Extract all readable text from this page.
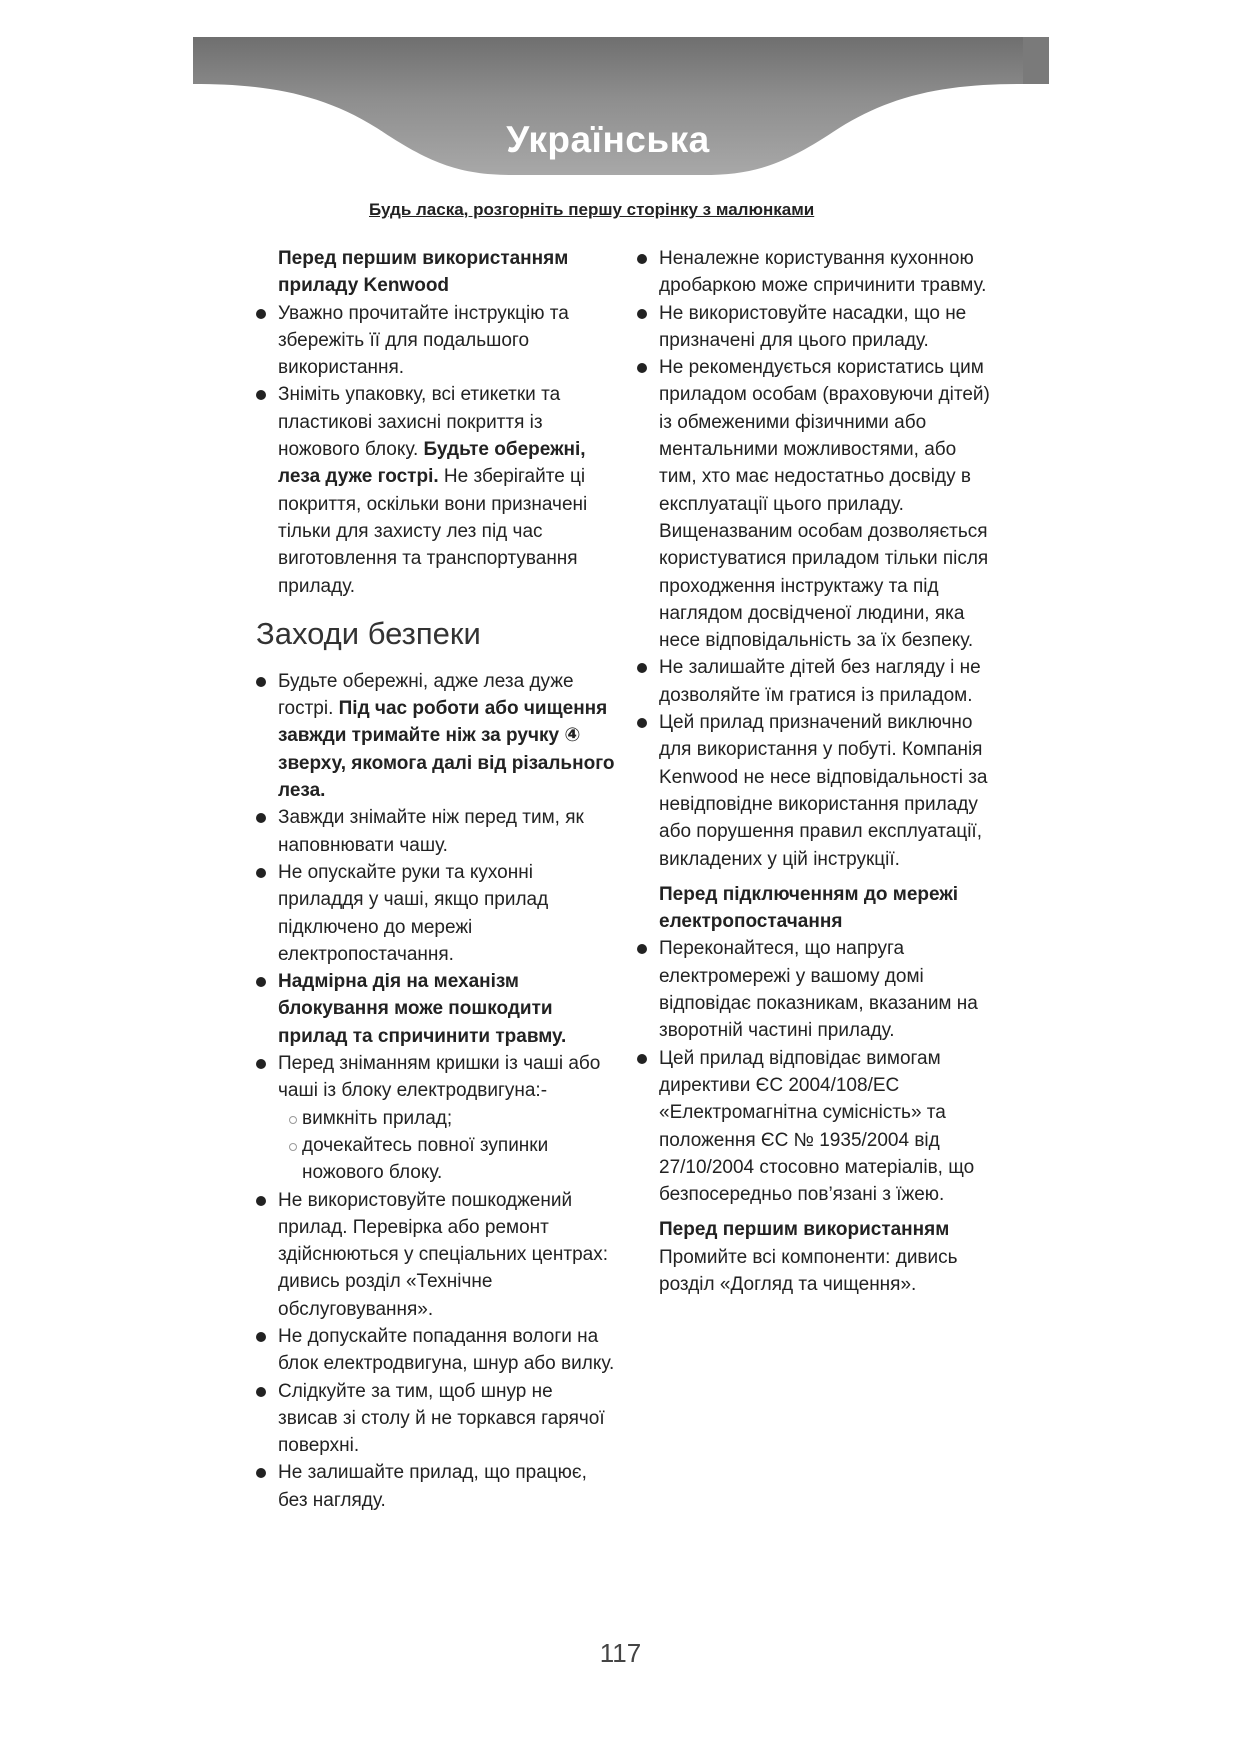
Українська
Будь ласка, розгорніть першу сторінку з малюнками
Перед першим використанням
приладу Kenwood
Уважно прочитайте інструкцію та збережіть її для подальшого використання.
Зніміть упаковку, всі етикетки та пластикові захисні покриття із ножового блоку. Будьте обережні, леза дуже гострі. Не зберігайте ці покриття, оскільки вони призначені тільки для захисту лез під час виготовлення та транспортування приладу.
Заходи безпеки
Будьте обережні, адже леза дуже гострі. Під час роботи або чищення завжди тримайте ніж за ручку ④ зверху, якомога далі від різального леза.
Завжди знімайте ніж перед тим, як наповнювати чашу.
Не опускайте руки та кухонні приладдя у чаші, якщо прилад підключено до мережі електропостачання.
Надмірна дія на механізм блокування може пошкодити прилад та спричинити травму.
Перед зніманням кришки із чаші або чаші із блоку електродвигуна:-
вимкніть прилад;
дочекайтесь повної зупинки ножового блоку.
Не використовуйте пошкоджений прилад. Перевірка або ремонт здійснюються у спеціальних центрах: дивись розділ «Технічне обслуговування».
Не допускайте попадання вологи на блок електродвигуна, шнур або вилку.
Слідкуйте за тим, щоб шнур не звисав зі столу й не торкався гарячої поверхні.
Не залишайте прилад, що працює, без нагляду.
Неналежне користування кухонною дробаркою може спричинити травму.
Не використовуйте насадки, що не призначені для цього приладу.
Не рекомендується користатись цим приладом особам (враховуючи дітей) із обмеженими фізичними або ментальними можливостями, або тим, хто має недостатньо досвіду в експлуатації цього приладу. Вищеназваним особам дозволяється користуватися приладом тільки після проходження інструктажу та під наглядом досвідченої людини, яка несе відповідальність за їх безпеку.
Не залишайте дітей без нагляду і не дозволяйте їм гратися із приладом.
Цей прилад призначений виключно для використання у побуті. Компанія Kenwood не несе відповідальності за невідповідне використання приладу або порушення правил експлуатації, викладених у цій інструкції.
Перед підключенням до мережі електропостачання
Переконайтеся, що напруга електромережі у вашому домі відповідає показникам, вказаним на зворотній частині приладу.
Цей прилад відповідає вимогам директиви ЄС 2004/108/ЕС «Електромагнітна сумісність» та положення ЄС № 1935/2004 від 27/10/2004 стосовно матеріалів, що безпосередньо пов’язані з їжею.
Перед першим використанням
Промийте всі компоненти: дивись розділ «Догляд та чищення».
117
